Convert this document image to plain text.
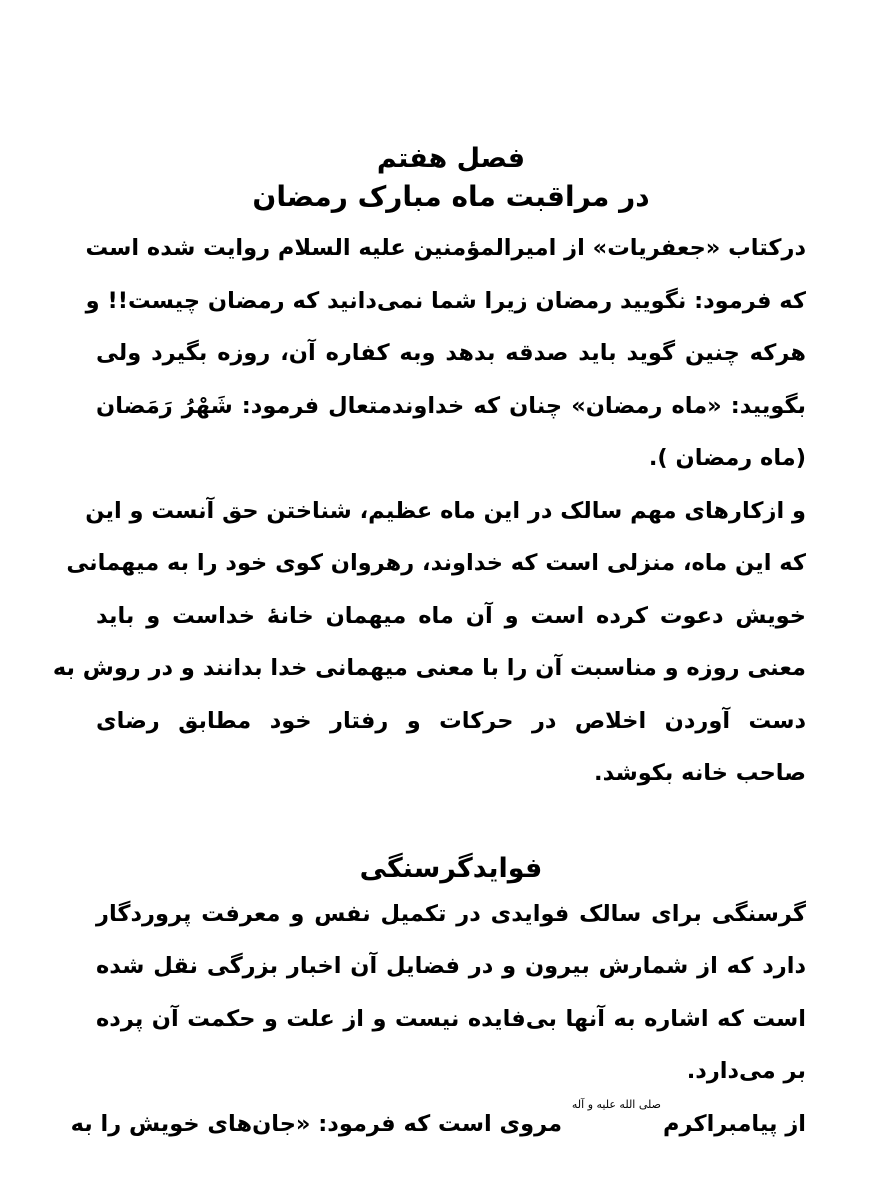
فصل هفتم
در مراقبت ماه مبارک رمضان
درکتاب «جعفریات» از امیرالمؤمنین علیه السلام روایت شده است
که فرمود: نگویید رمضان زیرا شما نمی‌دانید که رمضان چیست!! و
هرکه چنین گوید باید صدقه بدهد وبه کفاره آن، روزه بگیرد ولی
بگویید: «ماه رمضان» چنان که خداوندمتعال فرمود: شَهْرُ رَمَضان
(ماه رمضان ).
و ازکارهای مهم سالک در این ماه عظیم، شناختن حق آنست و این
که این ماه، منزلی است که خداوند، رهروان کوی خود را به میهمانی
خویش دعوت کرده است و آن ماه میهمان خانهٔ خداست و باید
معنی روزه و مناسبت آن را با معنی میهمانی خدا بدانند و در روش به
دست آوردن اخلاص در حرکات و رفتار خود مطابق رضای
صاحب خانه بکوشد.
فوایدگرسنگی
گرسنگی برای سالک فوایدی در تکمیل نفس و معرفت پروردگار
دارد که از شمارش بیرون و در فضایل آن اخبار بزرگی نقل شده
است که اشاره به آنها بی‌فایده نیست و از علت و حکمت آن پرده
بر می‌دارد.
از پیامبراکرمصلی الله علیه و آله مروی است که فرمود: «جان‌های خویش را به
